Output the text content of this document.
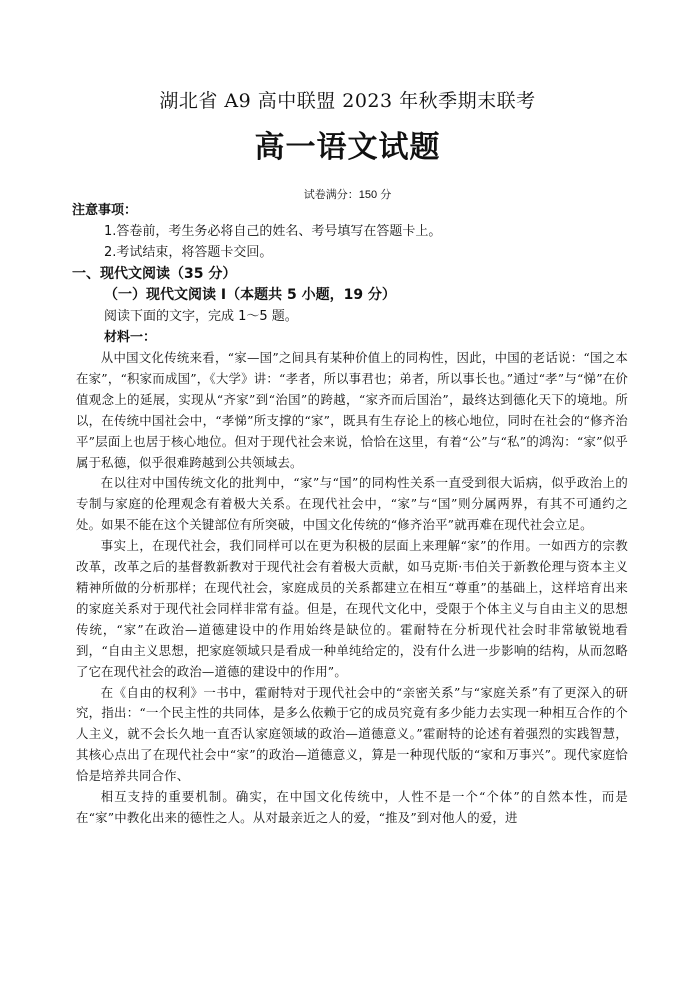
湖北省 A9 高中联盟 2023 年秋季期末联考
高一语文试题
试卷满分：150 分
注意事项：
1.答卷前，考生务必将自己的姓名、考号填写在答题卡上。
2.考试结束，将答题卡交回。
一、现代文阅读（35 分）
（一）现代文阅读 I（本题共 5 小题，19 分）
阅读下面的文字，完成 1～5 题。
材料一：

从中国文化传统来看，“家—国”之间具有某种价值上的同构性，因此，中国的老话说：“国之本在家”，“积家而成国”，《大学》讲：“孝者，所以事君也；弟者，所以事长也。”通过“孝”与“悌”在价值观念上的延展，实现从“齐家”到“治国”的跨越，“家齐而后国治”，最终达到德化天下的境地。所以，在传统中国社会中，“孝悌”所支撑的“家”，既具有生存论上的核心地位，同时在社会的“修齐治平”层面上也居于核心地位。但对于现代社会来说，恰恰在这里，有着“公”与“私”的鸿沟：“家”似乎属于私德，似乎很难跨越到公共领域去。

在以往对中国传统文化的批判中，“家”与“国”的同构性关系一直受到很大诟病，似乎政治上的专制与家庭的伦理观念有着极大关系。在现代社会中，“家”与“国”则分属两界，有其不可通约之处。如果不能在这个关键部位有所突破，中国文化传统的“修齐治平”就再难在现代社会立足。

事实上，在现代社会，我们同样可以在更为积极的层面上来理解“家”的作用。一如西方的宗教改革，改革之后的基督教新教对于现代社会有着极大贡献，如马克斯·韦伯关于新教伦理与资本主义精神所做的分析那样；在现代社会，家庭成员的关系都建立在相互“尊重”的基础上，这样培育出来的家庭关系对于现代社会同样非常有益。但是，在现代文化中，受限于个体主义与自由主义的思想传统，“家”在政治—道德建设中的作用始终是缺位的。霍耐特在分析现代社会时非常敏锐地看到，“自由主义思想，把家庭领域只是看成一种单纯给定的，没有什么进一步影响的结构，从而忽略了它在现代社会的政治—道德的建设中的作用”。

在《自由的权利》一书中，霍耐特对于现代社会中的“亲密关系”与“家庭关系”有了更深入的研究，指出：“一个民主性的共同体，是多么依赖于它的成员究竟有多少能力去实现一种相互合作的个人主义，就不会长久地一直否认家庭领域的政治—道德意义。”霍耐特的论述有着强烈的实践智慧，其核心点出了在现代社会中“家”的政治—道德意义，算是一种现代版的“家和万事兴”。现代家庭恰恰是培养共同合作、

相互支持的重要机制。确实，在中国文化传统中，人性不是一个“个体”的自然本性，而是在“家”中教化出来的德性之人。从对最亲近之人的爱，“推及”到对他人的爱，进
